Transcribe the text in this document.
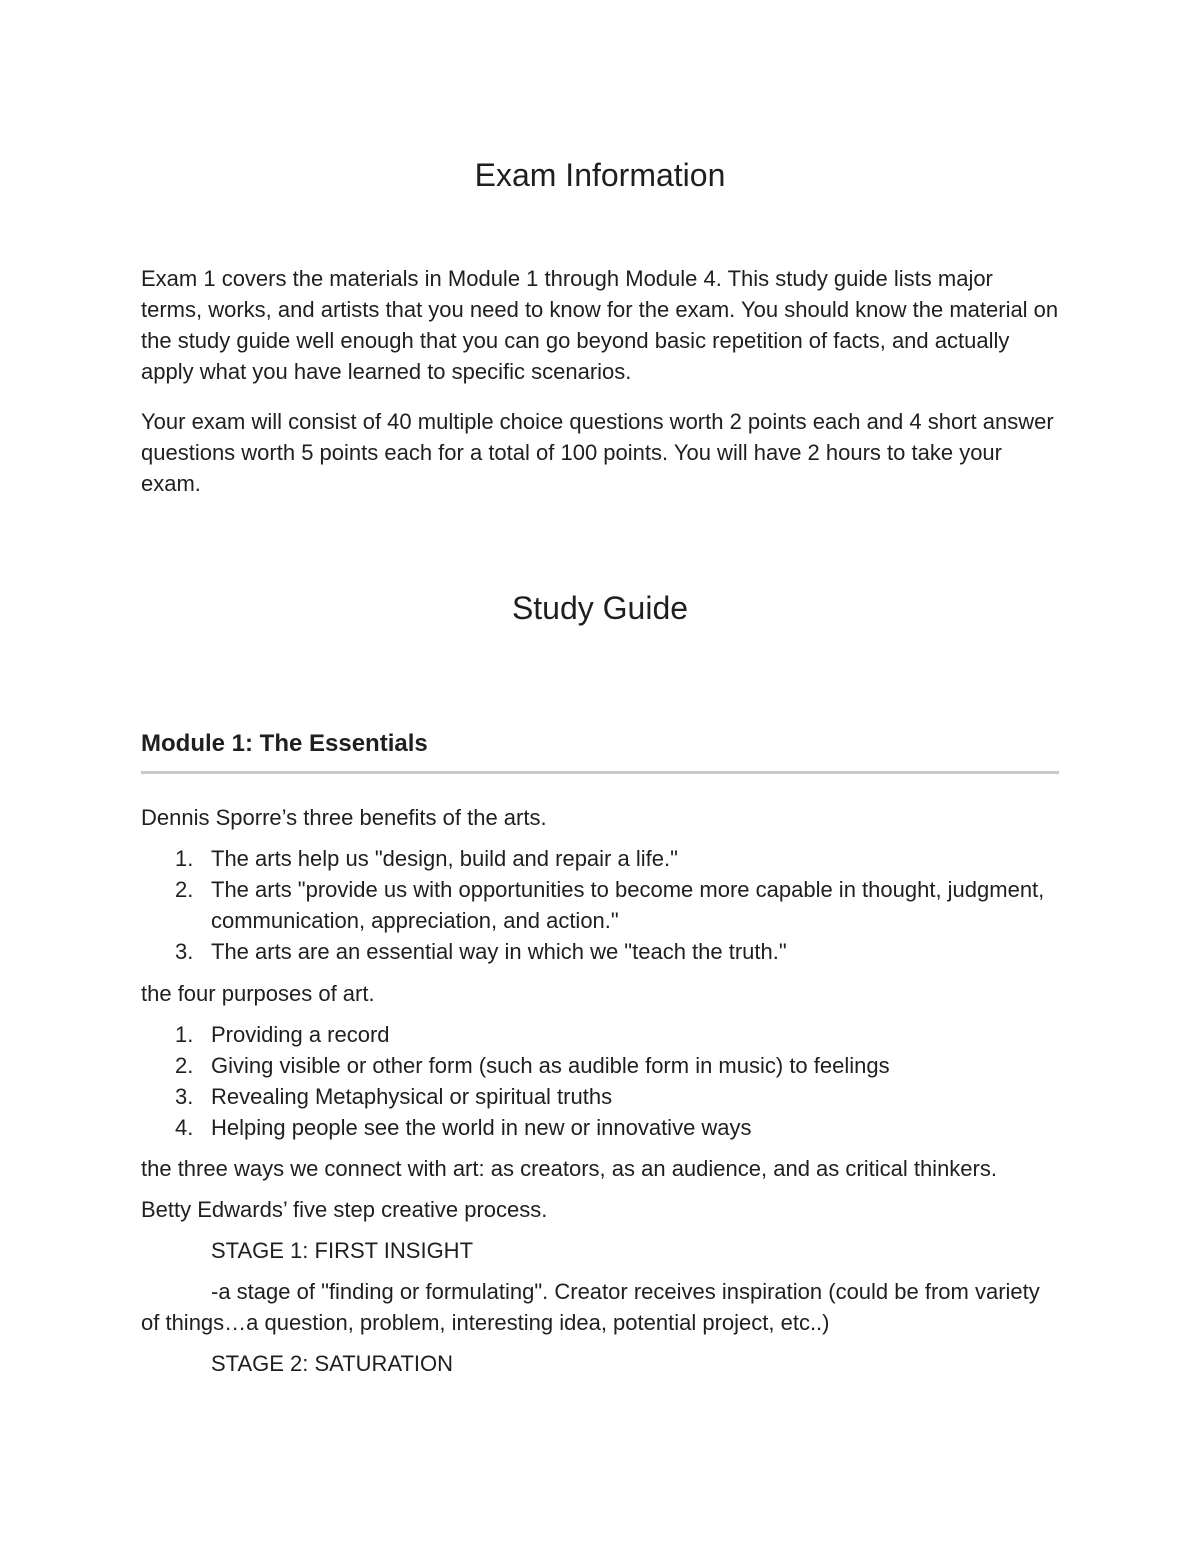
Exam Information

Exam 1 covers the materials in Module 1 through Module 4. This study guide lists major terms, works, and artists that you need to know for the exam. You should know the material on the study guide well enough that you can go beyond basic repetition of facts, and actually apply what you have learned to specific scenarios.

Your exam will consist of 40 multiple choice questions worth 2 points each and 4 short answer questions worth 5 points each for a total of 100 points. You will have 2 hours to take your exam.

Study Guide
Module 1: The Essentials

Dennis Sporre’s three benefits of the arts.

1. The arts help us "design, build and repair a life."
2. The arts "provide us with opportunities to become more capable in thought, judgment, communication, appreciation, and action."
3. The arts are an essential way in which we "teach the truth."

the four purposes of art.

1. Providing a record
2. Giving visible or other form (such as audible form in music) to feelings
3. Revealing Metaphysical or spiritual truths
4. Helping people see the world in new or innovative ways

the three ways we connect with art: as creators, as an audience, and as critical thinkers.

Betty Edwards’ five step creative process.

STAGE 1: FIRST INSIGHT

-a stage of "finding or formulating". Creator receives inspiration (could be from variety of things…a question, problem, interesting idea, potential project, etc..)

STAGE 2: SATURATION
